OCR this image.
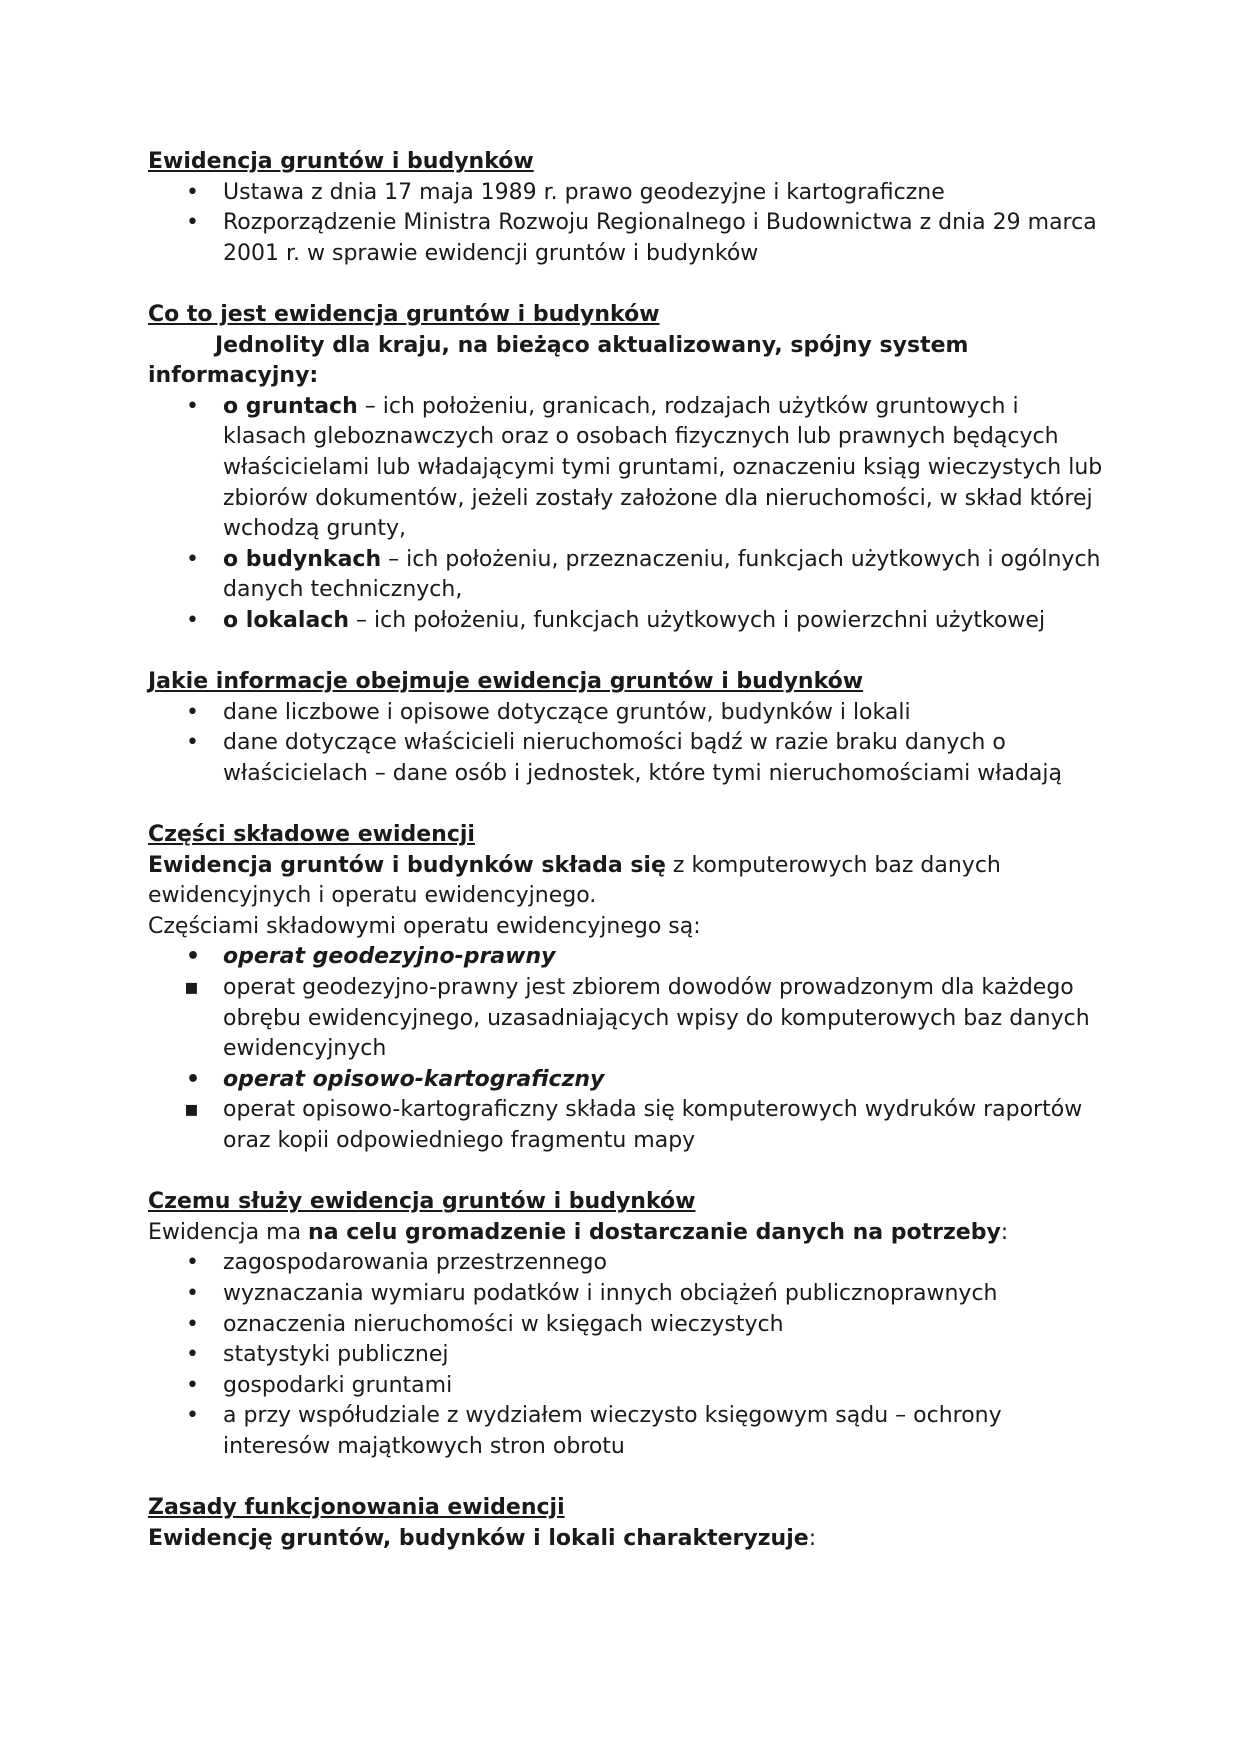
Ewidencja gruntów i budynków

• Ustawa z dnia 17 maja 1989 r. prawo geodezyjne i kartograficzne
• Rozporządzenie Ministra Rozwoju Regionalnego i Budownictwa z dnia 29 marca 2001 r. w sprawie ewidencji gruntów i budynków

Co to jest ewidencja gruntów i budynków

Jednolity dla kraju, na bieżąco aktualizowany, spójny system informacyjny:

• o gruntach – ich położeniu, granicach, rodzajach użytków gruntowych i klasach gleboznawczych oraz o osobach fizycznych lub prawnych będących właścicielami lub władającymi tymi gruntami, oznaczeniu ksiąg wieczystych lub zbiorów dokumentów, jeżeli zostały założone dla nieruchomości, w skład której wchodzą grunty,
• o budynkach – ich położeniu, przeznaczeniu, funkcjach użytkowych i ogólnych danych technicznych,
• o lokalach – ich położeniu, funkcjach użytkowych i powierzchni użytkowej

Jakie informacje obejmuje ewidencja gruntów i budynków

• dane liczbowe i opisowe dotyczące gruntów, budynków i lokali
• dane dotyczące właścicieli nieruchomości bądź w razie braku danych o właścicielach – dane osób i jednostek, które tymi nieruchomościami władają

Części składowe ewidencji

Ewidencja gruntów i budynków składa się z komputerowych baz danych ewidencyjnych i operatu ewidencyjnego.

Częściami składowymi operatu ewidencyjnego są:

• operat geodezyjno-prawny
▪ operat geodezyjno-prawny jest zbiorem dowodów prowadzonym dla każdego obrębu ewidencyjnego, uzasadniających wpisy do komputerowych baz danych ewidencyjnych
• operat opisowo-kartograficzny
▪ operat opisowo-kartograficzny składa się komputerowych wydruków raportów oraz kopii odpowiedniego fragmentu mapy

Czemu służy ewidencja gruntów i budynków

Ewidencja ma na celu gromadzenie i dostarczanie danych na potrzeby:

• zagospodarowania przestrzennego
• wyznaczania wymiaru podatków i innych obciążeń publicznoprawnych
• oznaczenia nieruchomości w księgach wieczystych
• statystyki publicznej
• gospodarki gruntami
• a przy współudziale z wydziałem wieczysto księgowym sądu – ochrony interesów majątkowych stron obrotu

Zasady funkcjonowania ewidencji

Ewidencję gruntów, budynków i lokali charakteryzuje:
